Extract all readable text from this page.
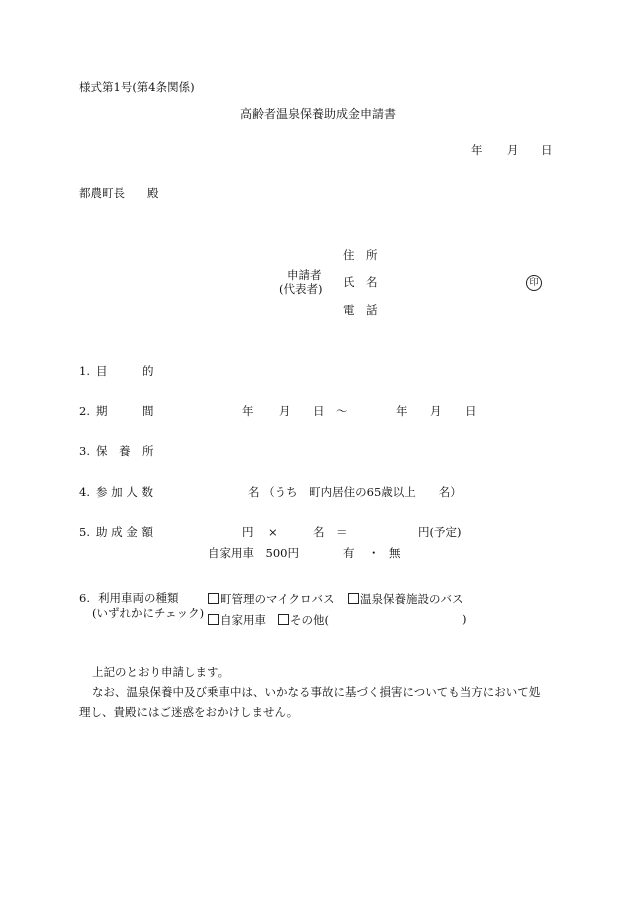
様式第1号(第4条関係)
高齢者温泉保養助成金申請書
年 月 日
都農町長 殿
申請者
(代表者)
住　所
氏　名
電　話
印
1. 目　　　的
2. 期　　　間	年 月 日 ～	年 月 日
3. 保　養　所
4. 参 加 人 数	名 （うち　町内居住の65歳以上　　名）
5. 助 成 金 額	円 ×	名 ＝	円(予定)
自家用車　500円	有 ・ 無
6. 利用車両の種類
(いずれかにチェック)
町管理のマイクロバス	温泉保養施設のバス
自家用車	その他(	)
上記のとおり申請します。
なお、温泉保養中及び乗車中は、いかなる事故に基づく損害についても当方において処
理し、貴殿にはご迷惑をおかけしません。
